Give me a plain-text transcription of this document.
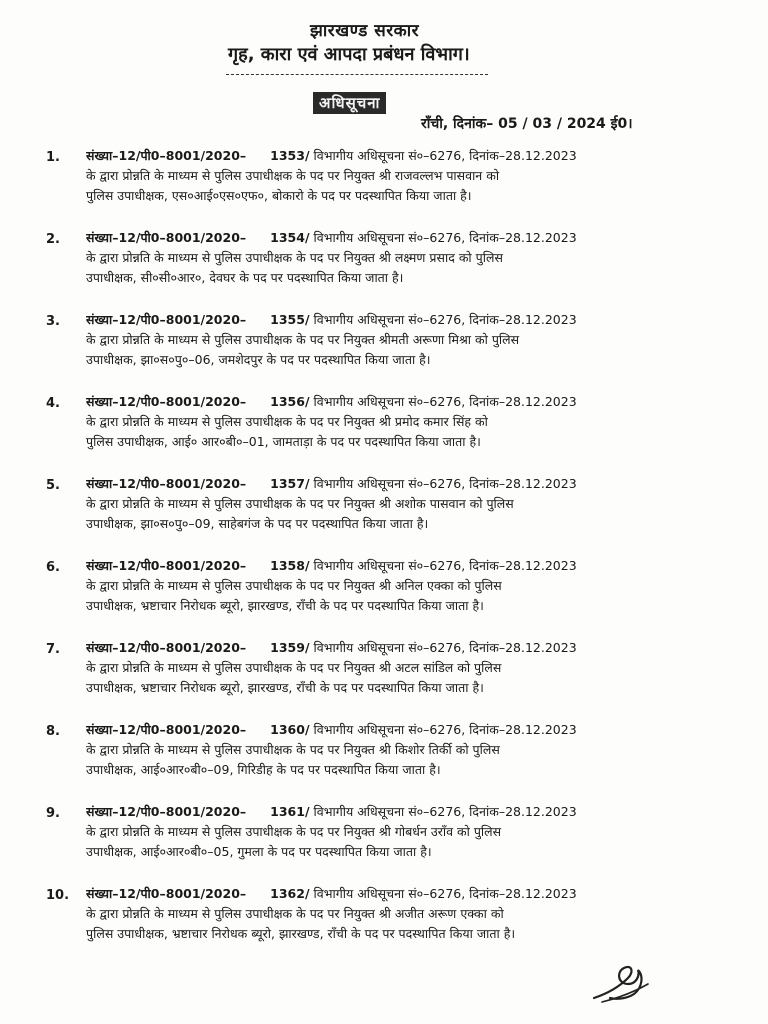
झारखण्ड सरकार
गृह, कारा एवं आपदा प्रबंधन विभाग।
अधिसूचना
राँची, दिनांक– 05 / 03 / 2024 ई0।
1. संख्या–12/पी0–8001/2020– 1353/ विभागीय अधिसूचना सं०–6276, दिनांक–28.12.2023
के द्वारा प्रोन्नति के माध्यम से पुलिस उपाधीक्षक के पद पर नियुक्त श्री राजवल्लभ पासवान को
पुलिस उपाधीक्षक, एस०आई०एस०एफ०, बोकारो के पद पर पदस्थापित किया जाता है।
2. संख्या–12/पी0–8001/2020– 1354/ विभागीय अधिसूचना सं०–6276, दिनांक–28.12.2023
के द्वारा प्रोन्नति के माध्यम से पुलिस उपाधीक्षक के पद पर नियुक्त श्री लक्ष्मण प्रसाद को पुलिस
उपाधीक्षक, सी०सी०आर०, देवघर के पद पर पदस्थापित किया जाता है।
3. संख्या–12/पी0–8001/2020– 1355/ विभागीय अधिसूचना सं०–6276, दिनांक–28.12.2023
के द्वारा प्रोन्नति के माध्यम से पुलिस उपाधीक्षक के पद पर नियुक्त श्रीमती अरूणा मिश्रा को पुलिस
उपाधीक्षक, झा०स०पु०–06, जमशेदपुर के पद पर पदस्थापित किया जाता है।
4. संख्या–12/पी0–8001/2020– 1356/ विभागीय अधिसूचना सं०–6276, दिनांक–28.12.2023
के द्वारा प्रोन्नति के माध्यम से पुलिस उपाधीक्षक के पद पर नियुक्त श्री प्रमोद कमार सिंह को
पुलिस उपाधीक्षक, आई० आर०बी०–01, जामताड़ा के पद पर पदस्थापित किया जाता है।
5. संख्या–12/पी0–8001/2020– 1357/ विभागीय अधिसूचना सं०–6276, दिनांक–28.12.2023
के द्वारा प्रोन्नति के माध्यम से पुलिस उपाधीक्षक के पद पर नियुक्त श्री अशोक पासवान को पुलिस
उपाधीक्षक, झा०स०पु०–09, साहेबगंज के पद पर पदस्थापित किया जाता है।
6. संख्या–12/पी0–8001/2020– 1358/ विभागीय अधिसूचना सं०–6276, दिनांक–28.12.2023
के द्वारा प्रोन्नति के माध्यम से पुलिस उपाधीक्षक के पद पर नियुक्त श्री अनिल एक्का को पुलिस
उपाधीक्षक, भ्रष्टाचार निरोधक ब्यूरो, झारखण्ड, राँची के पद पर पदस्थापित किया जाता है।
7. संख्या–12/पी0–8001/2020– 1359/ विभागीय अधिसूचना सं०–6276, दिनांक–28.12.2023
के द्वारा प्रोन्नति के माध्यम से पुलिस उपाधीक्षक के पद पर नियुक्त श्री अटल सांडिल को पुलिस
उपाधीक्षक, भ्रष्टाचार निरोधक ब्यूरो, झारखण्ड, राँची के पद पर पदस्थापित किया जाता है।
8. संख्या–12/पी0–8001/2020– 1360/ विभागीय अधिसूचना सं०–6276, दिनांक–28.12.2023
के द्वारा प्रोन्नति के माध्यम से पुलिस उपाधीक्षक के पद पर नियुक्त श्री किशोर तिर्की को पुलिस
उपाधीक्षक, आई०आर०बी०–09, गिरिडीह के पद पर पदस्थापित किया जाता है।
9. संख्या–12/पी0–8001/2020– 1361/ विभागीय अधिसूचना सं०–6276, दिनांक–28.12.2023
के द्वारा प्रोन्नति के माध्यम से पुलिस उपाधीक्षक के पद पर नियुक्त श्री गोबर्धन उराँव को पुलिस
उपाधीक्षक, आई०आर०बी०–05, गुमला के पद पर पदस्थापित किया जाता है।
10. संख्या–12/पी0–8001/2020– 1362/ विभागीय अधिसूचना सं०–6276, दिनांक–28.12.2023
के द्वारा प्रोन्नति के माध्यम से पुलिस उपाधीक्षक के पद पर नियुक्त श्री अजीत अरूण एक्का को
पुलिस उपाधीक्षक, भ्रष्टाचार निरोधक ब्यूरो, झारखण्ड, राँची के पद पर पदस्थापित किया जाता है।
